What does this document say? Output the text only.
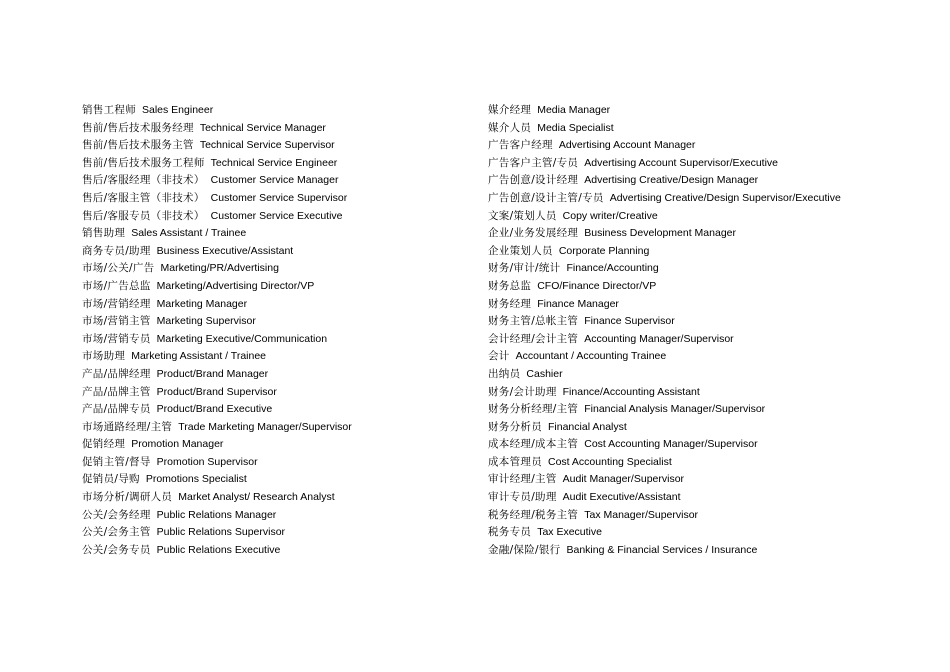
销售工程师 Sales Engineer
售前/售后技术服务经理 Technical Service Manager
售前/售后技术服务主管 Technical Service Supervisor
售前/售后技术服务工程师 Technical Service Engineer
售后/客服经理（非技术） Customer Service Manager
售后/客服主管（非技术） Customer Service Supervisor
售后/客服专员（非技术） Customer Service Executive
销售助理 Sales Assistant / Trainee
商务专员/助理 Business Executive/Assistant
市场/公关/广告 Marketing/PR/Advertising
市场/广告总监 Marketing/Advertising Director/VP
市场/营销经理 Marketing Manager
市场/营销主管 Marketing Supervisor
市场/营销专员 Marketing Executive/Communication
市场助理 Marketing Assistant / Trainee
产品/品牌经理 Product/Brand Manager
产品/品牌主管 Product/Brand Supervisor
产品/品牌专员 Product/Brand Executive
市场通路经理/主管 Trade Marketing Manager/Supervisor
促销经理 Promotion Manager
促销主管/督导 Promotion Supervisor
促销员/导购 Promotions Specialist
市场分析/调研人员 Market Analyst/ Research Analyst
公关/会务经理 Public Relations Manager
公关/会务主管 Public Relations Supervisor
公关/会务专员 Public Relations Executive
媒介经理 Media Manager
媒介人员 Media Specialist
广告客户经理 Advertising Account Manager
广告客户主管/专员 Advertising Account Supervisor/Executive
广告创意/设计经理 Advertising Creative/Design Manager
广告创意/设计主管/专员 Advertising Creative/Design Supervisor/Executive
文案/策划人员 Copy writer/Creative
企业/业务发展经理 Business Development Manager
企业策划人员 Corporate Planning
财务/审计/统计 Finance/Accounting
财务总监 CFO/Finance Director/VP
财务经理 Finance Manager
财务主管/总帐主管 Finance Supervisor
会计经理/会计主管 Accounting Manager/Supervisor
会计 Accountant / Accounting Trainee
出纳员 Cashier
财务/会计助理 Finance/Accounting Assistant
财务分析经理/主管 Financial Analysis Manager/Supervisor
财务分析员 Financial Analyst
成本经理/成本主管 Cost Accounting Manager/Supervisor
成本管理员 Cost Accounting Specialist
审计经理/主管 Audit Manager/Supervisor
审计专员/助理 Audit Executive/Assistant
税务经理/税务主管 Tax Manager/Supervisor
税务专员 Tax Executive
金融/保险/银行 Banking & Financial Services / Insurance
